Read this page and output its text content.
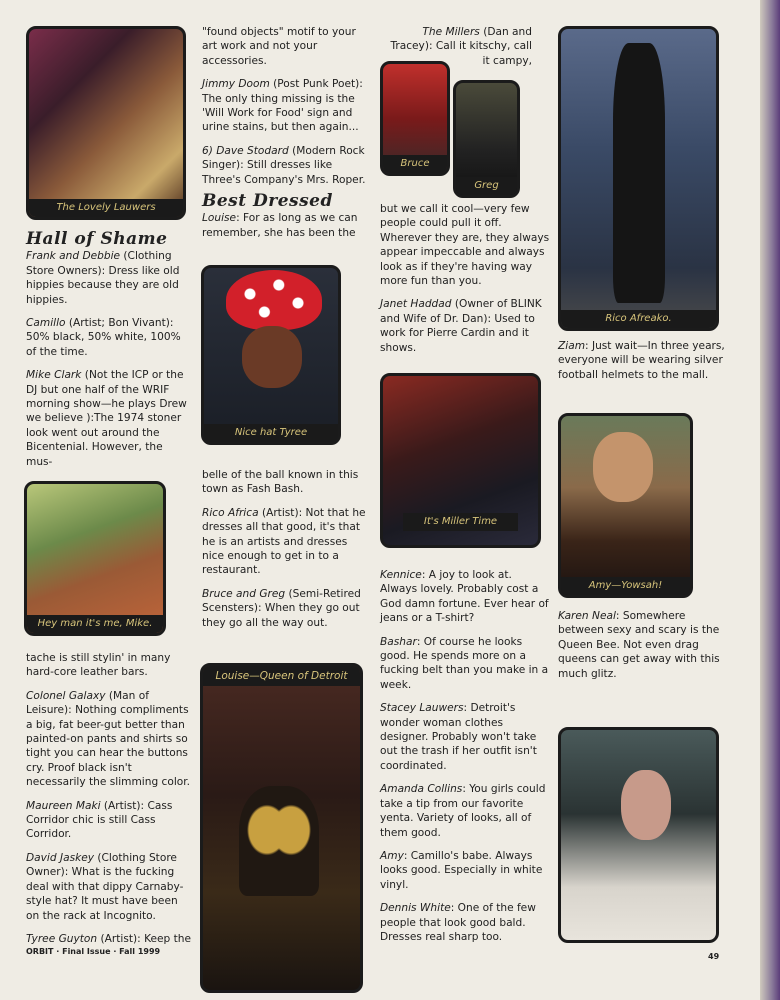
The Lovely Lauwers
Hey man it's me, Mike.
Nice hat Tyree
Louise—Queen of Detroit
Bruce
Greg
It's Miller Time
Rico Afreako.
Amy—Yowsah!
Hall of Shame

Frank and Debbie (Clothing Store Owners): Dress like old hippies because they are old hippies.

Camillo (Artist; Bon Vivant): 50% black, 50% white, 100% of the time.

Mike Clark (Not the ICP or the DJ but one half of the WRIF morning show—he plays Drew we believe ):The 1974 stoner look went out around the Bicentenial. However, the mus-

tache is still stylin' in many hard-core leather bars.

Colonel Galaxy (Man of Leisure): Nothing compliments a big, fat beer-gut better than painted-on pants and shirts so tight you can hear the buttons cry. Proof black isn't necessarily the slimming color.

Maureen Maki (Artist): Cass Corridor chic is still Cass Corridor.

David Jaskey (Clothing Store Owner): What is the fucking deal with that dippy Carnaby-style hat? It must have been on the rack at Incognito.

Tyree Guyton (Artist): Keep the

"found objects" motif to your art work and not your accessories.

Jimmy Doom (Post Punk Poet): The only thing missing is the 'Will Work for Food' sign and urine stains, but then again...

6) Dave Stodard (Modern Rock Singer): Still dresses like Three's Company's Mrs. Roper.

Best Dressed

Louise: For as long as we can remember, she has been the

belle of the ball known in this town as Fash Bash.

Rico Africa (Artist): Not that he dresses all that good, it's that he is an artists and dresses nice enough to get in to a restaurant.

Bruce and Greg (Semi-Retired Scensters): When they go out they go all the way out.

The Millers (Dan and Tracey): Call it kitschy, call it campy,

but we call it cool—very few people could pull it off. Wherever they are, they always appear impeccable and always look as if they're having way more fun than you.

Janet Haddad (Owner of BLINK and Wife of Dr. Dan): Used to work for Pierre Cardin and it shows.

Kennice: A joy to look at. Always lovely. Probably cost a God damn fortune. Ever hear of jeans or a T-shirt?

Bashar: Of course he looks good. He spends more on a fucking belt than you make in a week.

Stacey Lauwers: Detroit's wonder woman clothes designer. Probably won't take out the trash if her outfit isn't coordinated.

Amanda Collins: You girls could take a tip from our favorite yenta. Variety of looks, all of them good.

Amy: Camillo's babe. Always looks good. Especially in white vinyl.

Dennis White: One of the few people that look good bald. Dresses real sharp too.

Ziam: Just wait—In three years, everyone will be wearing silver football helmets to the mall.

Karen Neal: Somewhere between sexy and scary is the Queen Bee. Not even drag queens can get away with this much glitz.

ORBIT · Final Issue · Fall 1999
49
